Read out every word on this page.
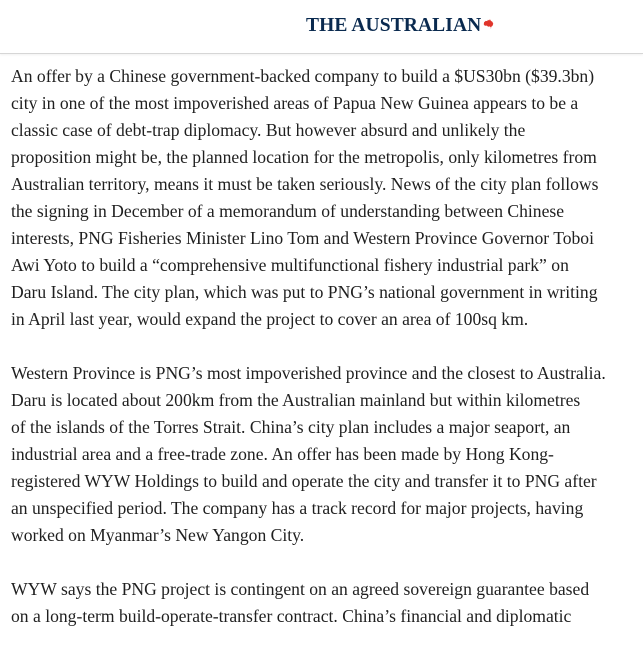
THE AUSTRALIAN

An offer by a Chinese government-backed company to build a $US30bn ($39.3bn)
city in one of the most impoverished areas of Papua New Guinea appears to be a
classic case of debt-trap diplomacy. But however absurd and unlikely the
proposition might be, the planned location for the metropolis, only kilometres from
Australian territory, means it must be taken seriously. News of the city plan follows
the signing in December of a memorandum of understanding between Chinese
interests, PNG Fisheries Minister Lino Tom and Western Province Governor Toboi
Awi Yoto to build a “comprehensive multifunctional fishery industrial park” on
Daru Island. The city plan, which was put to PNG’s national government in writing
in April last year, would expand the project to cover an area of 100sq km.

Western Province is PNG’s most impoverished province and the closest to Australia.
Daru is located about 200km from the Australian mainland but within kilometres
of the islands of the Torres Strait. China’s city plan includes a major seaport, an
industrial area and a free-trade zone. An offer has been made by Hong Kong-
registered WYW Holdings to build and operate the city and transfer it to PNG after
an unspecified period. The company has a track record for major projects, having
worked on Myanmar’s New Yangon City.

WYW says the PNG project is contingent on an agreed sovereign guarantee based
on a long-term build-operate-transfer contract. China’s financial and diplomatic
